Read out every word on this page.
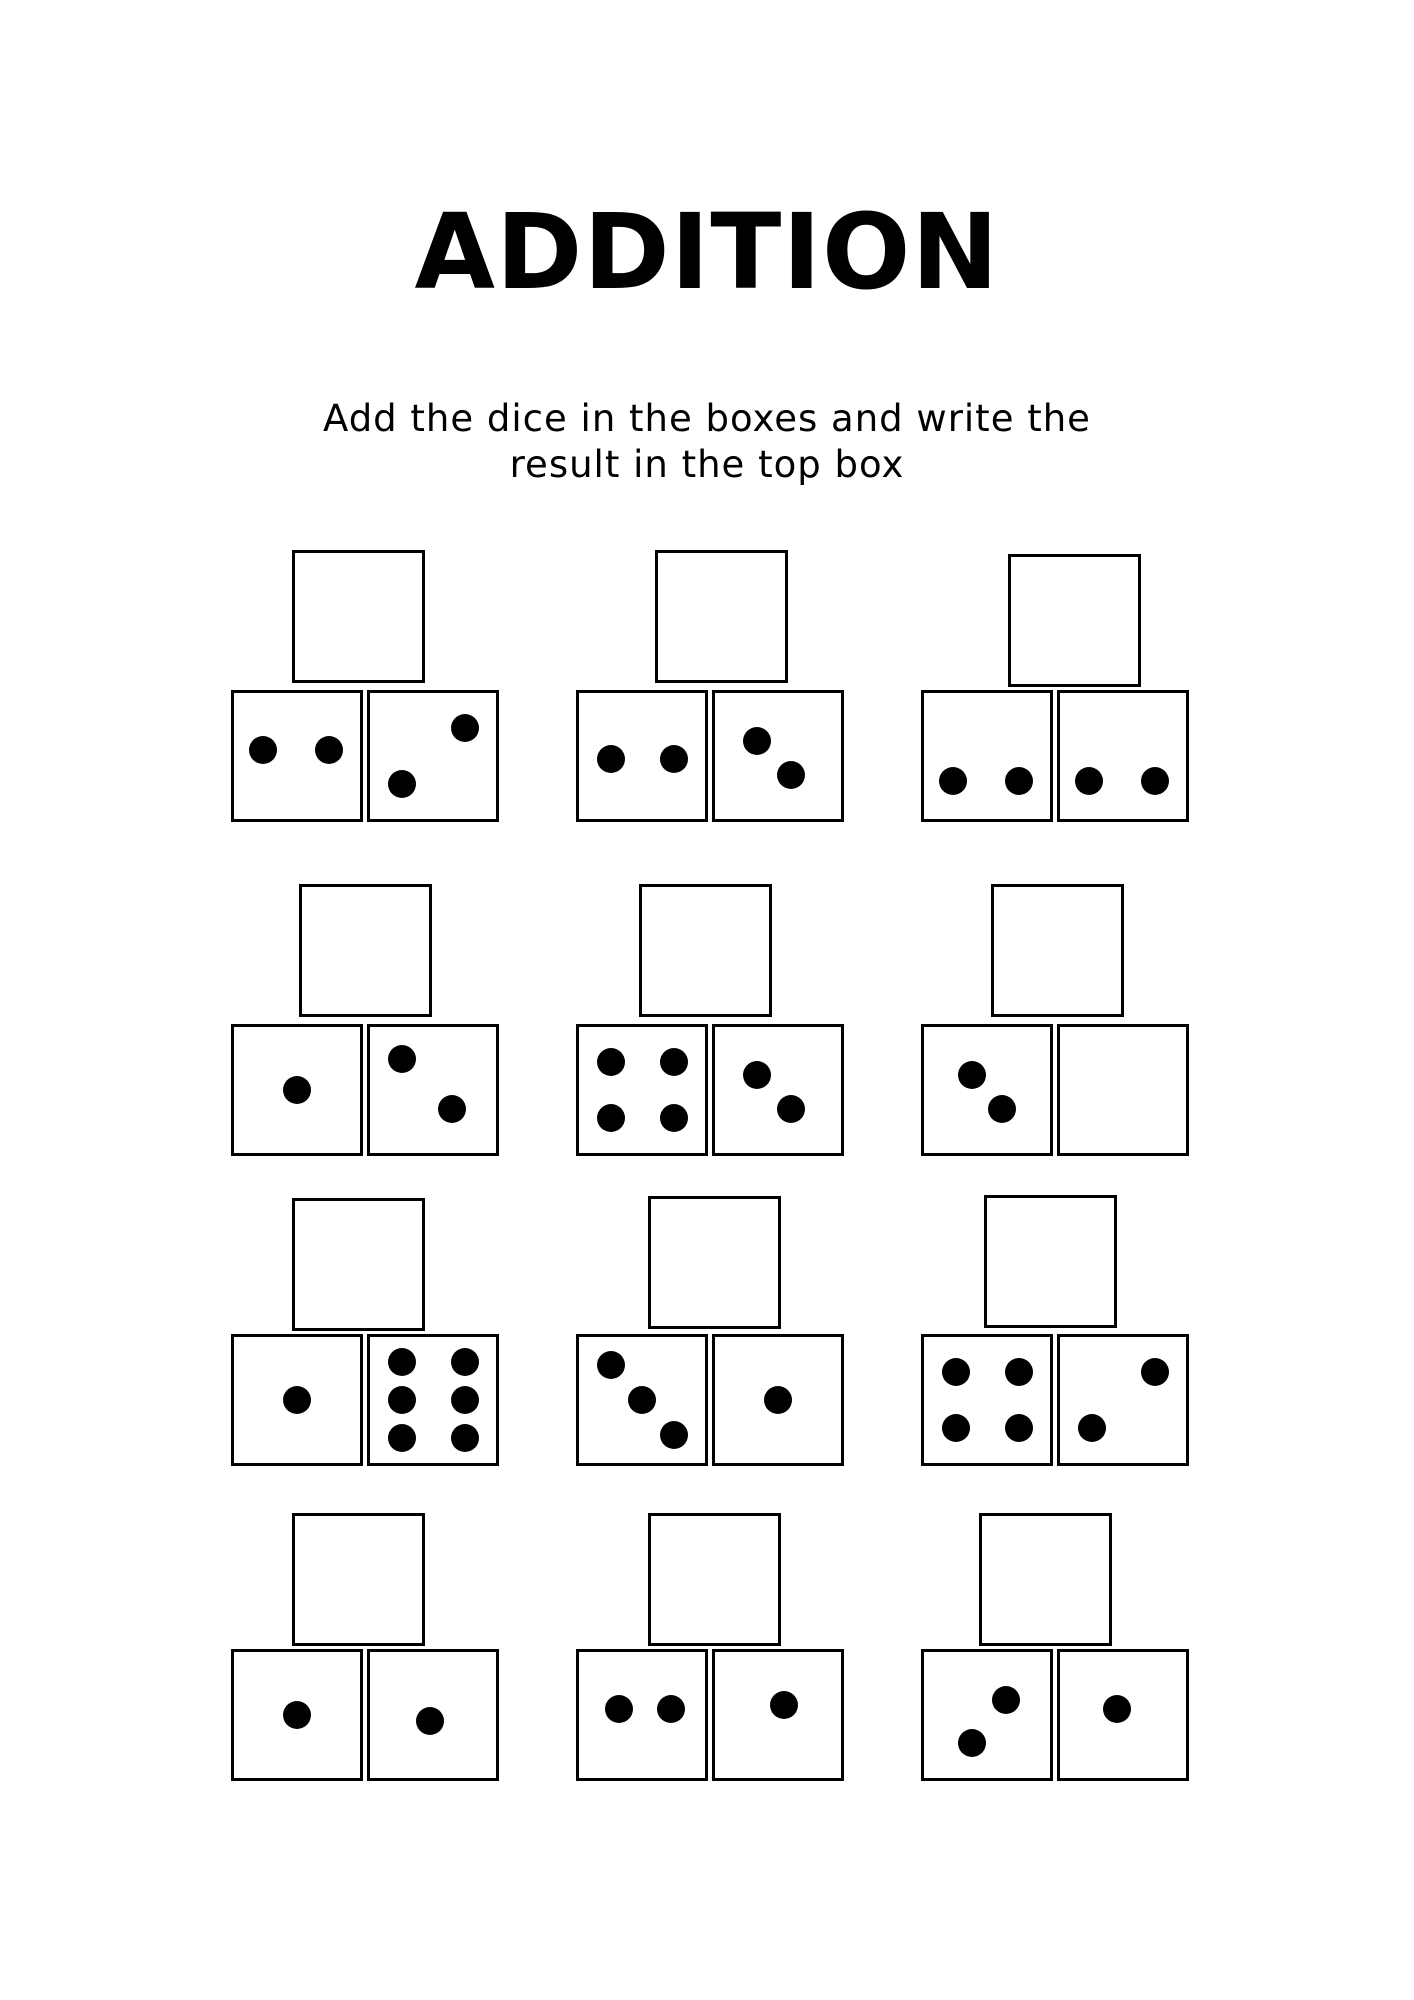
ADDITION
Add the dice in the boxes and write the
result in the top box
